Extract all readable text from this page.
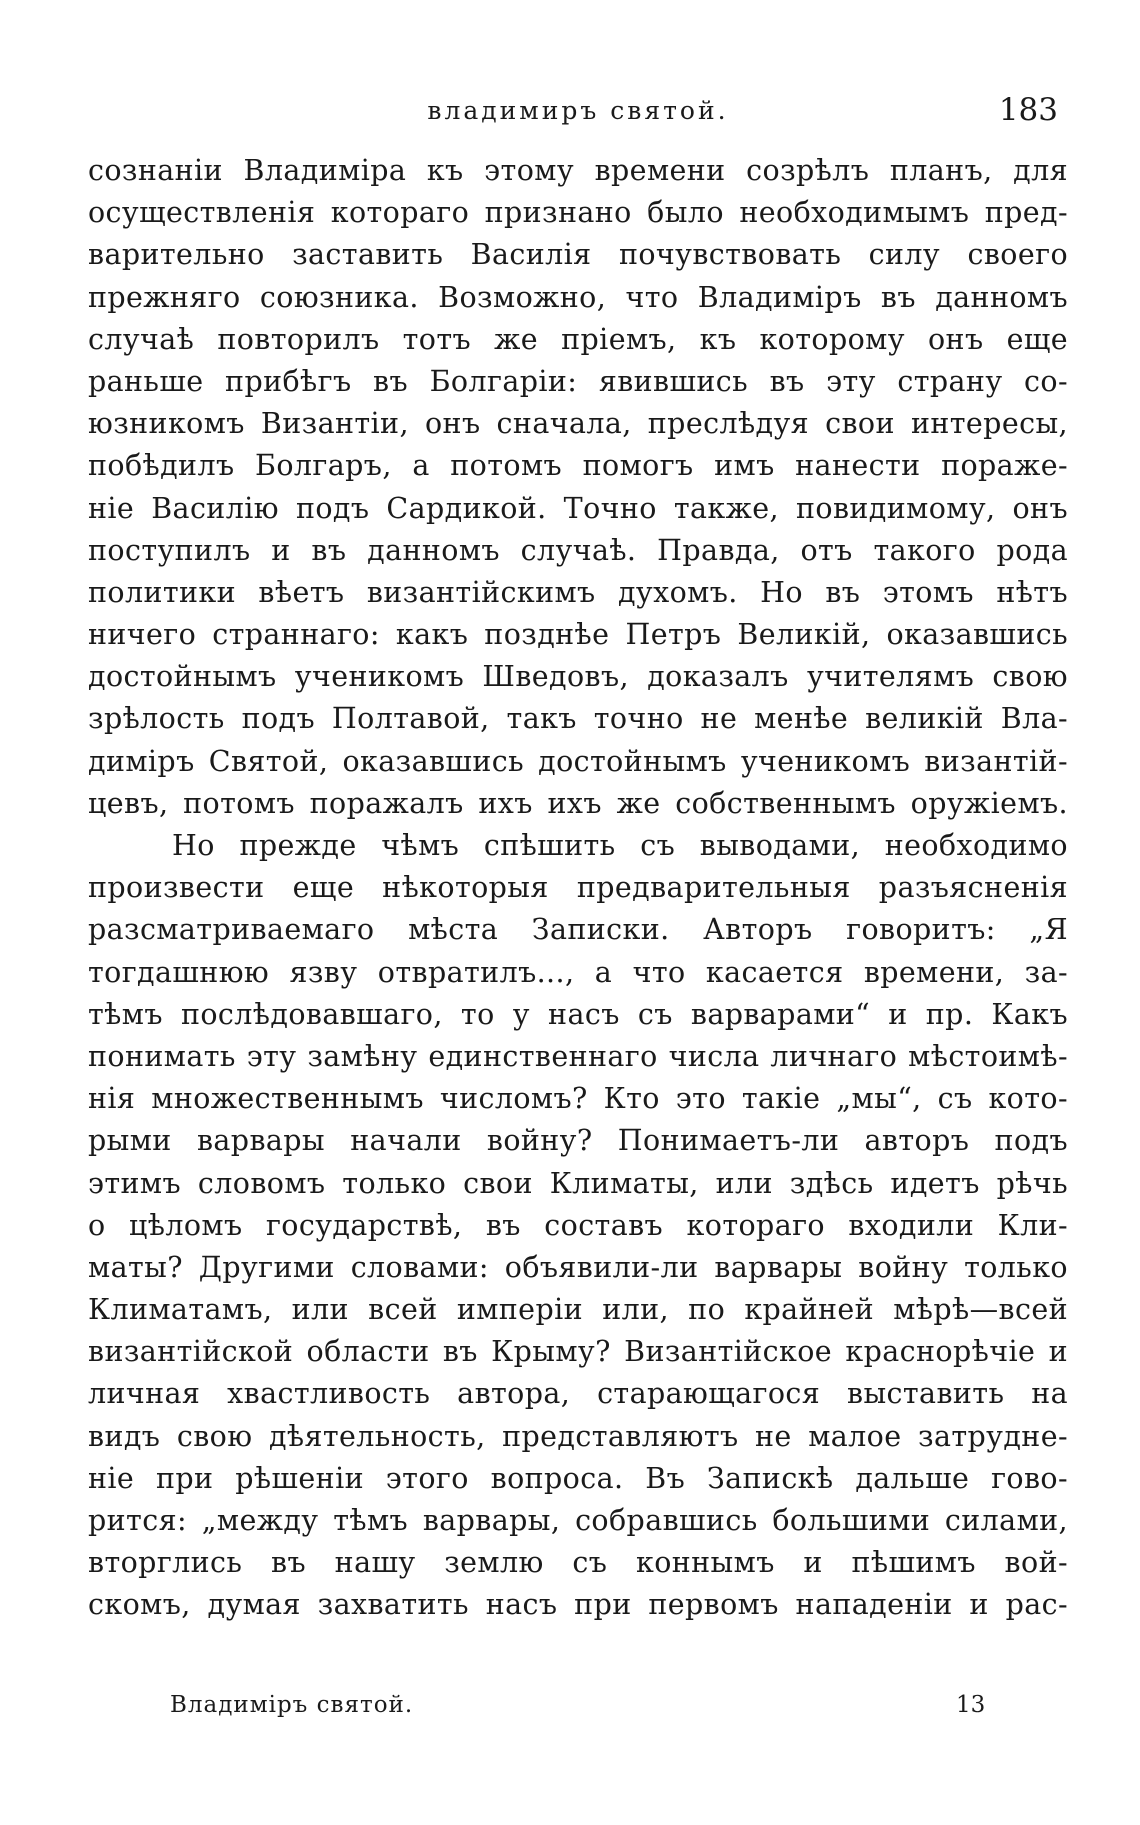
владимиръ святой.	183
сознаніи Владиміра къ этому времени созрѣлъ планъ, для
осуществленія котораго признано было необходимымъ пред-
варительно заставить Василія почувствовать силу своего
прежняго союзника. Возможно, что Владиміръ въ данномъ
случаѣ повторилъ тотъ же пріемъ, къ которому онъ еще
раньше прибѣгъ въ Болгаріи: явившись въ эту страну со-
юзникомъ Византіи, онъ сначала, преслѣдуя свои интересы,
побѣдилъ Болгаръ, а потомъ помогъ имъ нанести пораже-
ніе Василію подъ Сардикой. Точно также, повидимому, онъ
поступилъ и въ данномъ случаѣ. Правда, отъ такого рода
политики вѣетъ византійскимъ духомъ. Но въ этомъ нѣтъ
ничего страннаго: какъ позднѣе Петръ Великій, оказавшись
достойнымъ ученикомъ Шведовъ, доказалъ учителямъ свою
зрѣлость подъ Полтавой, такъ точно не менѣе великій Вла-
диміръ Святой, оказавшись достойнымъ ученикомъ византій-
цевъ, потомъ поражалъ ихъ ихъ же собственнымъ оружіемъ.
Но прежде чѣмъ спѣшить съ выводами, необходимо
произвести еще нѣкоторыя предварительныя разъясненія
разсматриваемаго мѣста Записки. Авторъ говоритъ: „Я
тогдашнюю язву отвратилъ..., а что касается времени, за-
тѣмъ послѣдовавшаго, то у насъ съ варварами“ и пр. Какъ
понимать эту замѣну единственнаго числа личнаго мѣстоимѣ-
нія множественнымъ числомъ? Кто это такіе „мы“, съ кото-
рыми варвары начали войну? Понимаетъ-ли авторъ подъ
этимъ словомъ только свои Климаты, или здѣсь идетъ рѣчь
о цѣломъ государствѣ, въ составъ котораго входили Кли-
маты? Другими словами: объявили-ли варвары войну только
Климатамъ, или всей имперіи или, по крайней мѣрѣ—всей
византійской области въ Крыму? Византійское краснорѣчіе и
личная хвастливость автора, старающагося выставить на
видъ свою дѣятельность, представляютъ не малое затрудне-
ніе при рѣшеніи этого вопроса. Въ Запискѣ дальше гово-
рится: „между тѣмъ варвары, собравшись большими силами,
вторглись въ нашу землю съ коннымъ и пѣшимъ вой-
скомъ, думая захватить насъ при первомъ нападеніи и рас-
Владиміръ святой.	13
